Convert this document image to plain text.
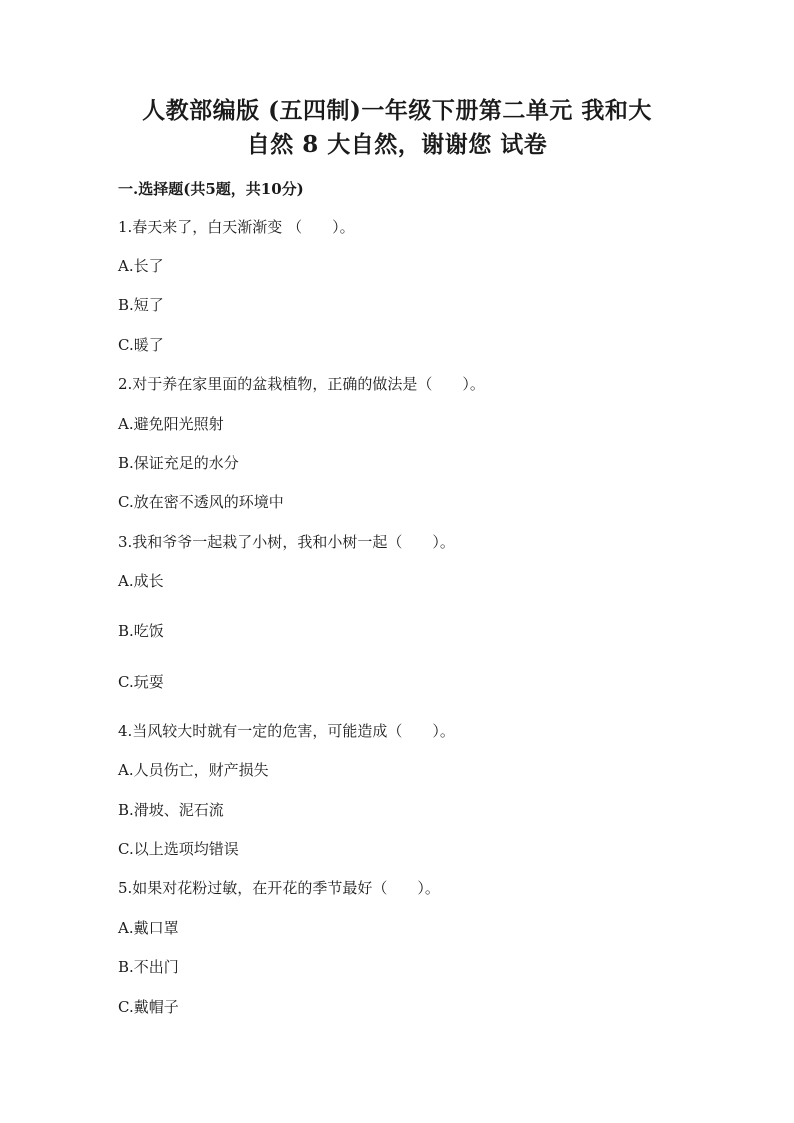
人教部编版 (五四制)一年级下册第二单元 我和大
自然 8 大自然，谢谢您 试卷
一.选择题(共5题，共10分)
1.春天来了，白天渐渐变 （　　）。
A.长了
B.短了
C.暖了
2.对于养在家里面的盆栽植物，正确的做法是（　　）。
A.避免阳光照射
B.保证充足的水分
C.放在密不透风的环境中
3.我和爷爷一起栽了小树，我和小树一起（　　）。
A.成长
B.吃饭
C.玩耍
4.当风较大时就有一定的危害，可能造成（　　）。
A.人员伤亡，财产损失
B.滑坡、泥石流
C.以上选项均错误
5.如果对花粉过敏，在开花的季节最好（　　）。
A.戴口罩
B.不出门
C.戴帽子
